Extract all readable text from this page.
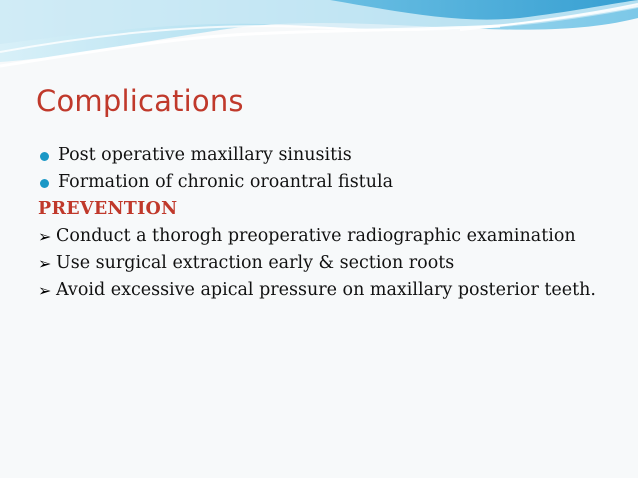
Complications
Post operative maxillary sinusitis
Formation of chronic oroantral fistula
PREVENTION
➢ Conduct a thorogh preoperative radiographic examination
➢ Use surgical extraction early & section roots
➢ Avoid excessive apical pressure on maxillary posterior teeth.
